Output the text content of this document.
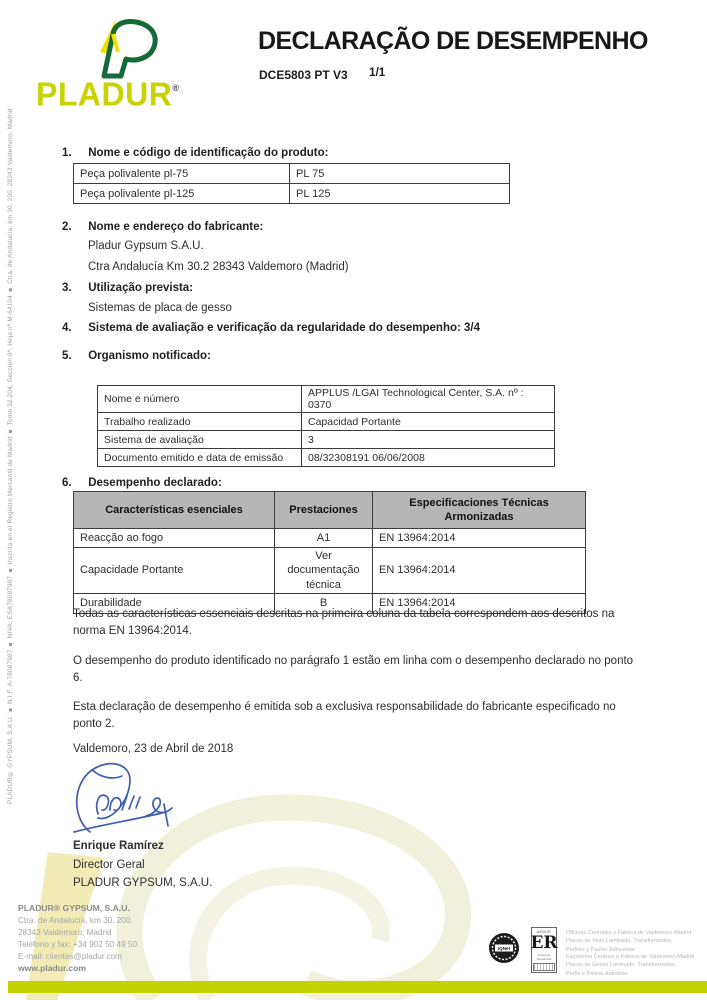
PLADUR® GYPSUM, S.A.U. ■ N.I.F. A-78087987 ■ NIVA: ESA78087987 ■ Inscrita en el Registro Mercantil de Madrid ■ Tomo 32.204, Sección 8ª, Hoja nº M-64104 ■ Ctra. de Andalucía, km 30, 200. 28343 Valdemoro, Madrid
PLADUR®
DECLARAÇÃO DE DESEMPENHO
DCE5803 PT V3 1/1
1. Nome e código de identificação do produto:
Peça polivalente pl-75	PL 75
Peça polivalente pl-125	PL 125
2. Nome e endereço do fabricante:
Pladur Gypsum S.A.U.
Ctra Andalucía Km 30.2 28343 Valdemoro (Madrid)
3. Utilização prevista:
Sistemas de placa de gesso
4. Sistema de avaliação e verificação da regularidade do desempenho: 3/4
5. Organismo notificado:
Nome e número	APPLUS /LGAI Technological Center, S.A. nº : 0370
Trabalho realizado	Capacidad Portante
Sistema de avaliação	3
Documento emitido e data de emissão	08/32308191 06/06/2008
6. Desempenho declarado:
Características esenciales	Prestaciones	Especificaciones Técnicas Armonizadas
Reacção ao fogo	A1	EN 13964:2014
Capacidade Portante	Ver documentação técnica	EN 13964:2014
Durabilidade	B	EN 13964:2014
Todas as características essenciais descritas na primeira coluna da tabela correspondem aos descritos na
norma EN 13964:2014.
O desempenho do produto identificado no parágrafo 1 estão em linha com o desempenho declarado no ponto
6.
Esta declaração de desempenho é emitida sob a exclusiva responsabilidade do fabricante especificado no
ponto 2.
Valdemoro, 23 de Abril de 2018
Enrique Ramírez
Director Geral
PLADUR GYPSUM, S.A.U.
PLADUR® GYPSUM, S.A.U.
Ctra. de Andalucía, km 30, 200.
28343 Valdemoro, Madrid
Teléfono y fax: +34 902 50 49 50
E-mail: clientes@pladur.com
www.pladur.com
IQNet
AENOR
ER
Empresa Registrada
Oficinas Centrales y Fábrica de Valdemoro-Madrid
Placas de Yeso Laminado, Transformados,
Perfiles y Pastas Adhesivas
Escritórios Centrais e Fábrica de Valdemoro-Madrid
Placas de Gesso Laminado, Transformados,
Perfis e Pastas Adesivas
